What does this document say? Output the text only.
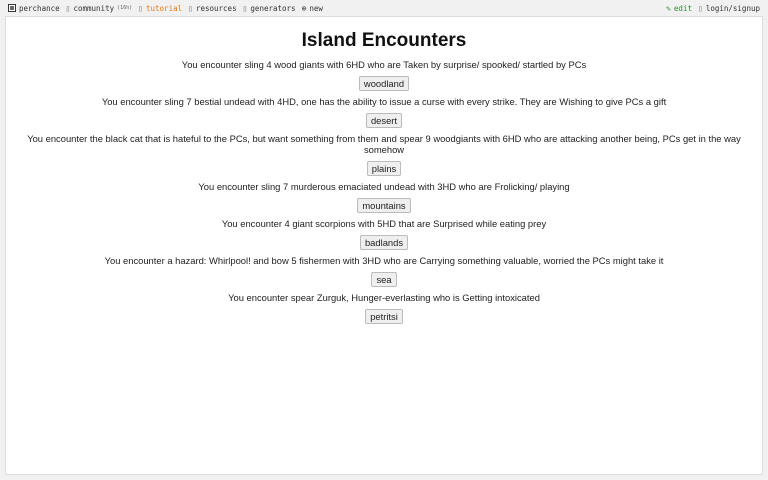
perchance ▯ community (16h) ▯ tutorial ▯ resources ▯ generators ⊕ new	✎ edit ▯ login/signup
Island Encounters
You encounter sling 4 wood giants with 6HD who are Taken by surprise/ spooked/ startled by PCs
woodland
You encounter sling 7 bestial undead with 4HD, one has the ability to issue a curse with every strike. They are Wishing to give PCs a gift
desert
You encounter the black cat that is hateful to the PCs, but want something from them and spear 9 woodgiants with 6HD who are attacking another being, PCs get in the way somehow
plains
You encounter sling 7 murderous emaciated undead with 3HD who are Frolicking/ playing
mountains
You encounter 4 giant scorpions with 5HD that are Surprised while eating prey
badlands
You encounter a hazard: Whirlpool! and bow 5 fishermen with 3HD who are Carrying something valuable, worried the PCs might take it
sea
You encounter spear Zurguk, Hunger-everlasting who is Getting intoxicated
petritsi
